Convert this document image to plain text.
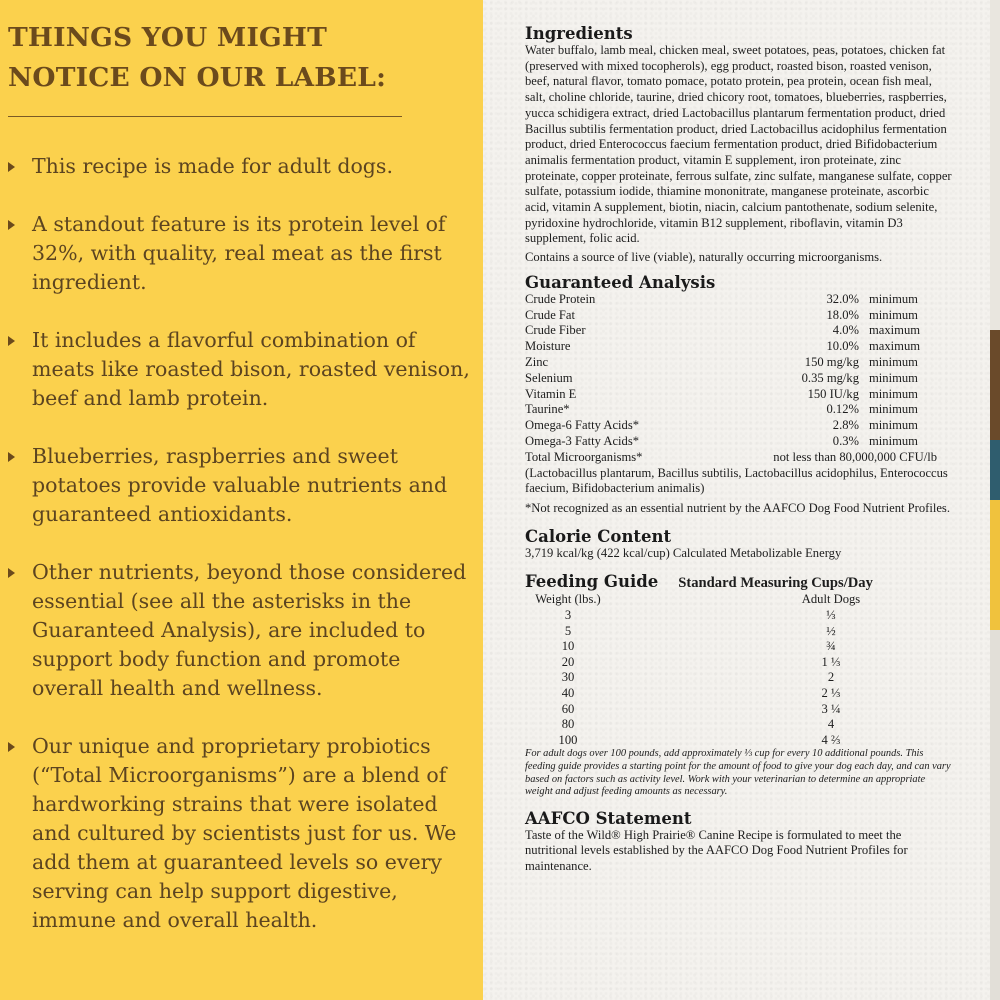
THINGS YOU MIGHT
NOTICE ON OUR LABEL:
This recipe is made for adult dogs.
A standout feature is its protein level of 32%, with quality, real meat as the first ingredient.
It includes a flavorful combination of meats like roasted bison, roasted venison, beef and lamb protein.
Blueberries, raspberries and sweet potatoes provide valuable nutrients and guaranteed antioxidants.
Other nutrients, beyond those considered essential (see all the asterisks in the Guaranteed Analysis), are included to support body function and promote overall health and wellness.
Our unique and proprietary probiotics (“Total Microorganisms”) are a blend of hardworking strains that were isolated and cultured by scientists just for us. We add them at guaranteed levels so every serving can help support digestive, immune and overall health.
Ingredients

Water buffalo, lamb meal, chicken meal, sweet potatoes, peas, potatoes, chicken fat (preserved with mixed tocopherols), egg product, roasted bison, roasted venison, beef, natural flavor, tomato pomace, potato protein, pea protein, ocean fish meal, salt, choline chloride, taurine, dried chicory root, tomatoes, blueberries, raspberries, yucca schidigera extract, dried Lactobacillus plantarum fermentation product, dried Bacillus subtilis fermentation product, dried Lactobacillus acidophilus fermentation product, dried Enterococcus faecium fermentation product, dried Bifidobacterium animalis fermentation product, vitamin E supplement, iron proteinate, zinc proteinate, copper proteinate, ferrous sulfate, zinc sulfate, manganese sulfate, copper sulfate, potassium iodide, thiamine mononitrate, manganese proteinate, ascorbic acid, vitamin A supplement, biotin, niacin, calcium pantothenate, sodium selenite, pyridoxine hydrochloride, vitamin B12 supplement, riboflavin, vitamin D3 supplement, folic acid.

Contains a source of live (viable), naturally occurring microorganisms.

Guaranteed Analysis
Crude Protein	32.0% minimum
Crude Fat	18.0% minimum
Crude Fiber	4.0% maximum
Moisture	10.0% maximum
Zinc	150 mg/kg minimum
Selenium	0.35 mg/kg minimum
Vitamin E	150 IU/kg minimum
Taurine*	0.12% minimum
Omega-6 Fatty Acids*	2.8% minimum
Omega-3 Fatty Acids*	0.3% minimum
Total Microorganisms*	not less than 80,000,000 CFU/lb

(Lactobacillus plantarum, Bacillus subtilis, Lactobacillus acidophilus, Enterococcus faecium, Bifidobacterium animalis)

*Not recognized as an essential nutrient by the AAFCO Dog Food Nutrient Profiles.

Calorie Content

3,719 kcal/kg (422 kcal/cup) Calculated Metabolizable Energy

Feeding Guide Standard Measuring Cups/Day
Weight (lbs.)	Adult Dogs
3	⅓
5	½
10	¾
20	1 ⅓
30	2
40	2 ⅓
60	3 ¼
80	4
100	4 ⅔

For adult dogs over 100 pounds, add approximately ⅓ cup for every 10 additional pounds. This feeding guide provides a starting point for the amount of food to give your dog each day, and can vary based on factors such as activity level. Work with your veterinarian to determine an appropriate weight and adjust feeding amounts as necessary.

AAFCO Statement

Taste of the Wild® High Prairie® Canine Recipe is formulated to meet the nutritional levels established by the AAFCO Dog Food Nutrient Profiles for maintenance.
